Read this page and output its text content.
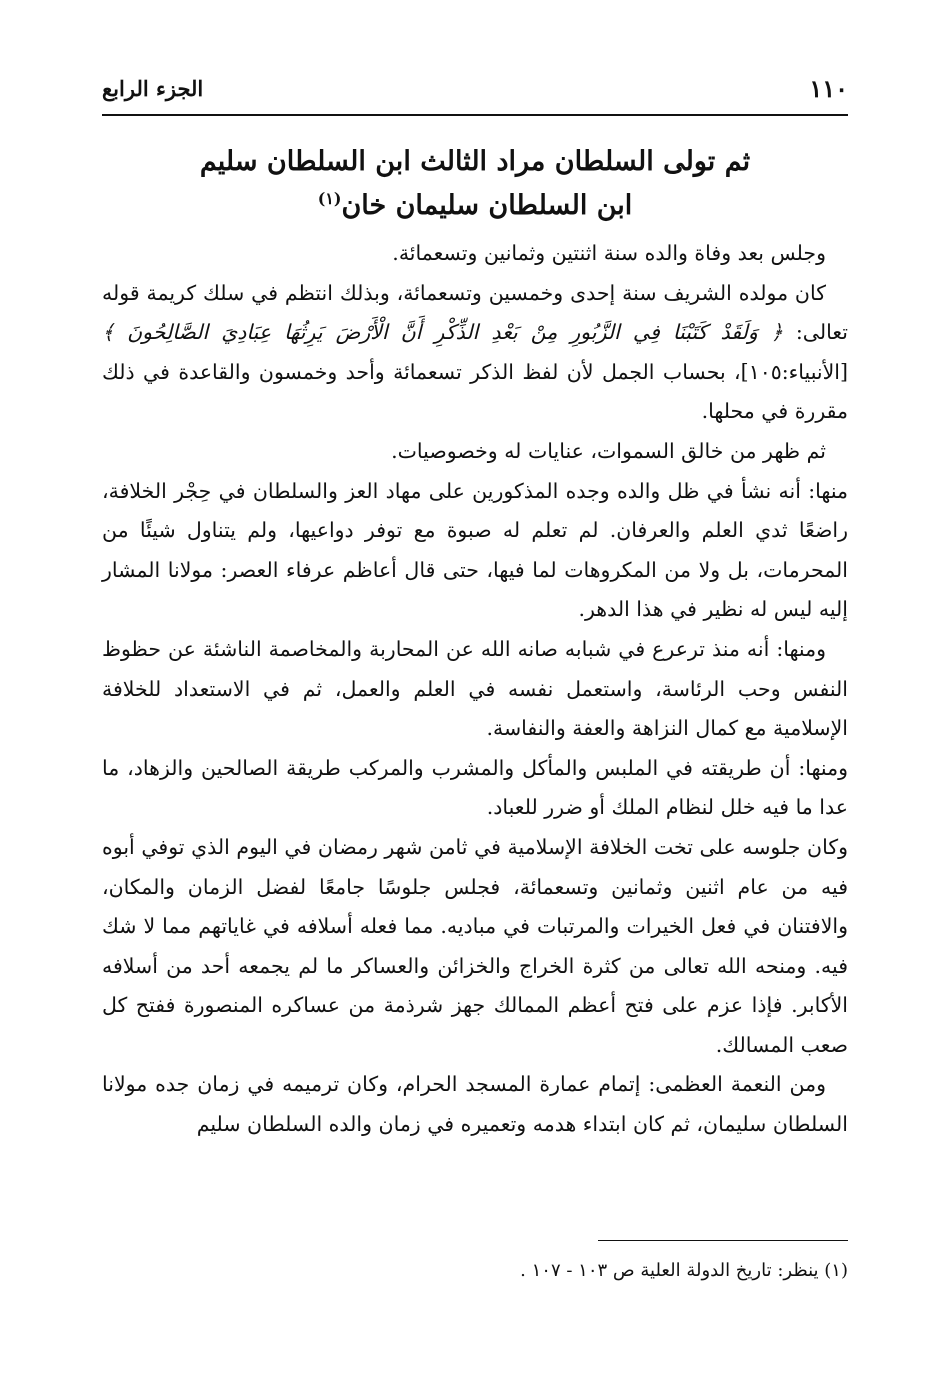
١١٠
الجزء الرابع
ثم تولى السلطان مراد الثالث ابن السلطان سليم
ابن السلطان سليمان خان$^{(١)}$

وجلس بعد وفاة والده سنة اثنتين وثمانين وتسعمائة.

كان مولده الشريف سنة إحدى وخمسين وتسعمائة، وبذلك انتظم في سلك كريمة قوله تعالى: ﴿ وَلَقَدْ كَتَبْنَا فِي الزَّبُورِ مِنْ بَعْدِ الذِّكْرِ أَنَّ الْأَرْضَ يَرِثُهَا عِبَادِيَ الصَّالِحُونَ ﴾ [الأنبياء:١٠٥]، بحساب الجمل لأن لفظ الذكر تسعمائة وأحد وخمسون والقاعدة في ذلك مقررة في محلها.

ثم ظهر من خالق السموات، عنايات له وخصوصيات.

منها: أنه نشأ في ظل والده وجده المذكورين على مهاد العز والسلطان في حِجْر الخلافة، راضعًا ثدي العلم والعرفان. لم تعلم له صبوة مع توفر دواعيها، ولم يتناول شيئًا من المحرمات، بل ولا من المكروهات لما فيها، حتى قال أعاظم عرفاء العصر: مولانا المشار إليه ليس له نظير في هذا الدهر.

ومنها: أنه منذ ترعرع في شبابه صانه الله عن المحاربة والمخاصمة الناشئة عن حظوظ النفس وحب الرئاسة، واستعمل نفسه في العلم والعمل، ثم في الاستعداد للخلافة الإسلامية مع كمال النزاهة والعفة والنفاسة.

ومنها: أن طريقته في الملبس والمأكل والمشرب والمركب طريقة الصالحين والزهاد، ما عدا ما فيه خلل لنظام الملك أو ضرر للعباد.

وكان جلوسه على تخت الخلافة الإسلامية في ثامن شهر رمضان في اليوم الذي توفي أبوه فيه من عام اثنين وثمانين وتسعمائة، فجلس جلوسًا جامعًا لفضل الزمان والمكان، والافتنان في فعل الخيرات والمرتبات في مباديه. مما فعله أسلافه في غاياتهم مما لا شك فيه. ومنحه الله تعالى من كثرة الخراج والخزائن والعساكر ما لم يجمعه أحد من أسلافه الأكابر. فإذا عزم على فتح أعظم الممالك جهز شرذمة من عساكره المنصورة ففتح كل صعب المسالك.

ومن النعمة العظمى: إتمام عمارة المسجد الحرام، وكان ترميمه في زمان جده مولانا السلطان سليمان، ثم كان ابتداء هدمه وتعميره في زمان والده السلطان سليم

(١) ينظر: تاريخ الدولة العلية ص ١٠٣ - ١٠٧ .
